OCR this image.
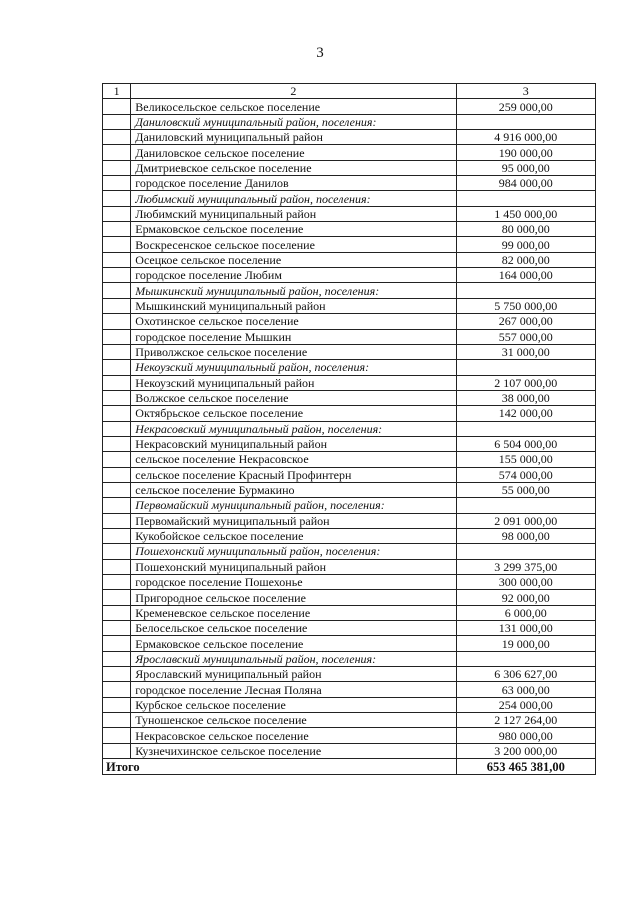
3
1	2	3
	Великосельское сельское поселение	259 000,00
	Даниловский муниципальный район, поселения:	
	Даниловский муниципальный район	4 916 000,00
	Даниловское сельское поселение	190 000,00
	Дмитриевское сельское поселение	95 000,00
	городское поселение Данилов	984 000,00
	Любимский муниципальный район, поселения:	
	Любимский муниципальный район	1 450 000,00
	Ермаковское сельское поселение	80 000,00
	Воскресенское сельское поселение	99 000,00
	Осецкое сельское поселение	82 000,00
	городское поселение Любим	164 000,00
	Мышкинский муниципальный район, поселения:	
	Мышкинский муниципальный район	5 750 000,00
	Охотинское сельское поселение	267 000,00
	городское поселение Мышкин	557 000,00
	Приволжское сельское поселение	31 000,00
	Некоузский муниципальный район, поселения:	
	Некоузский муниципальный район	2 107 000,00
	Волжское сельское поселение	38 000,00
	Октябрьское сельское поселение	142 000,00
	Некрасовский муниципальный район, поселения:	
	Некрасовский муниципальный район	6 504 000,00
	сельское поселение Некрасовское	155 000,00
	сельское поселение Красный Профинтерн	574 000,00
	сельское поселение Бурмакино	55 000,00
	Первомайский муниципальный район, поселения:	
	Первомайский муниципальный район	2 091 000,00
	Кукобойское сельское поселение	98 000,00
	Пошехонский муниципальный район, поселения:	
	Пошехонский муниципальный район	3 299 375,00
	городское поселение Пошехонье	300 000,00
	Пригородное сельское поселение	92 000,00
	Кременевское сельское поселение	6 000,00
	Белосельское сельское поселение	131 000,00
	Ермаковское сельское поселение	19 000,00
	Ярославский муниципальный район, поселения:	
	Ярославский муниципальный район	6 306 627,00
	городское поселение Лесная Поляна	63 000,00
	Курбское сельское поселение	254 000,00
	Туношенское сельское поселение	2 127 264,00
	Некрасовское сельское поселение	980 000,00
	Кузнечихинское сельское поселение	3 200 000,00
Итого		653 465 381,00
